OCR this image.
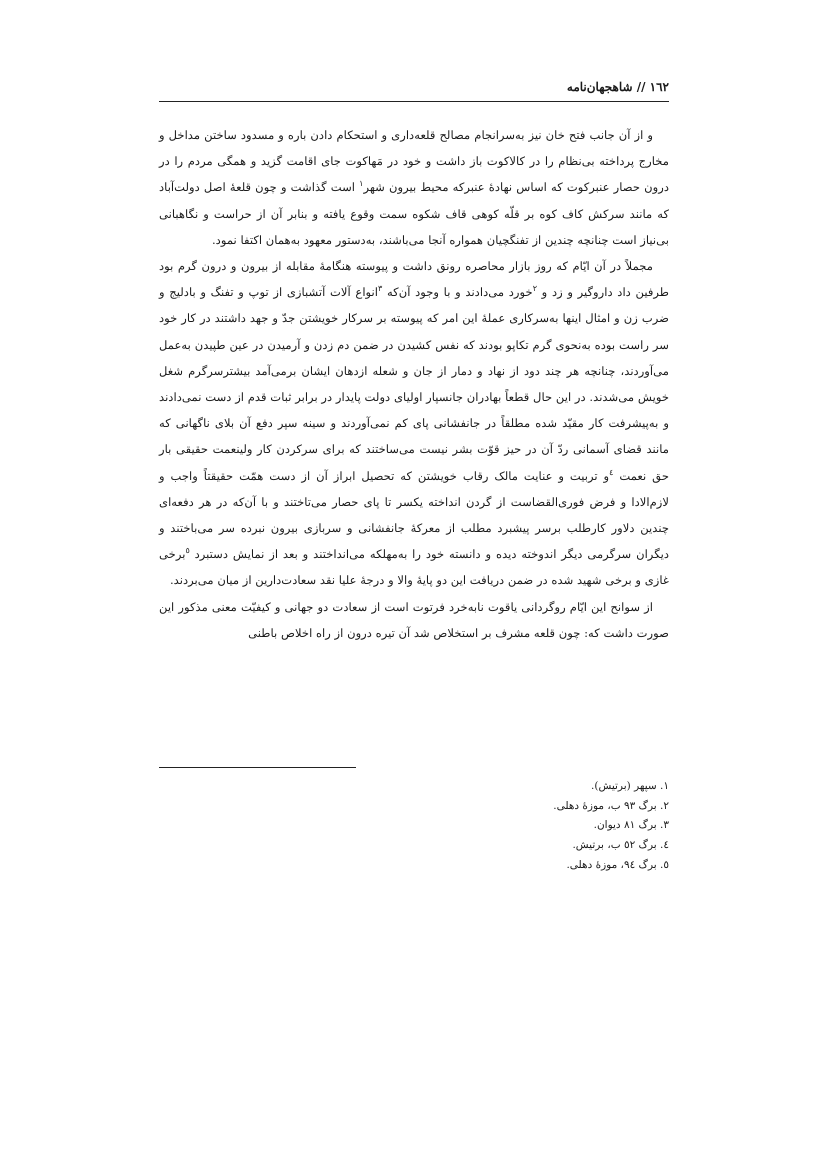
١٦٢ // شاهجهان‌نامه

و از آن جانب فتح خان نیز به‌سرانجام مصالح قلعه‌داری و استحکام دادن باره و مسدود ساختن مداخل و مخارج پرداخته بی‌نظام را در کالاکوت باز داشت و خود در مَهاکوت جای اقامت گزید و همگی مردم را در درون حصار عنبرکوت که اساس نهادهٔ عنبرکه محیط بیرون شهر$^١$ است گذاشت و چون قلعهٔ اصل دولت‌آباد که مانند سرکش کاف کوه بر قلّه کوهی قاف شکوه سمت وقوع یافته و بنابر آن از حراست و نگاهبانی بی‌نیاز است چنانچه چندین از تفنگچیان همواره آنجا می‌باشند، به‌دستور معهود به‌همان اکتفا نمود.

مجملاً در آن ایّام که روز بازار محاصره رونق داشت و پیوسته هنگامهٔ مقابله از بیرون و درون گرم بود طرفین داد داروگیر و زد و $^٢$خورد می‌دادند و با وجود آن‌که $^٣$انواع آلات آتشبازی از توپ و تفنگ و بادلیج و ضرب زن و امثال اینها به‌سرکاری عملهٔ این امر که پیوسته بر سرکار خویشتن جدّ و جهد داشتند در کار خود سر راست بوده به‌نحوی گرم تکاپو بودند که نفس کشیدن در ضمن دم زدن و آرمیدن در عین طپیدن به‌عمل می‌آوردند، چنانچه هر چند دود از نهاد و دمار از جان و شعله ازدهان ایشان برمی‌آمد بیشترسرگرم شغل خویش می‌شدند. در این حال قطعاً بهادران جانسپار اولیای دولت پایدار در برابر ثبات قدم از دست نمی‌دادند و به‌پیشرفت کار مقیّد شده مطلقاً در جانفشانی پای کم نمی‌آوردند و سینه سپر دفع آن بلای ناگهانی که مانند قضای آسمانی ردّ آن در حیز قوّت بشر نیست می‌ساختند که برای سرکردن کار ولینعمت حقیقی بار حق نعمت $^٤$و تربیت و عنایت مالک رقاب خویشتن که تحصیل ابراز آن از دست همّت حقیقتاً واجب و لازم‌الادا و فرض فوری‌القضاست از گردن انداخته یکسر تا پای حصار می‌تاختند و با آن‌که در هر دفعه‌ای چندین دلاور کارطلب برسر پیشبرد مطلب از معرکهٔ جانفشانی و سربازی بیرون نبرده سر می‌باختند و دیگران سرگرمی دیگر اندوخته دیده و دانسته خود را به‌مهلکه می‌انداختند و بعد از نمایش دستبرد $^٥$برخی غازی و برخی شهید شده در ضمن دریافت این دو پایهٔ والا و درجهٔ علیا نقد سعادت‌دارین از میان می‌بردند.

از سوانح این ایّام روگردانی یاقوت نابه‌خرد فرتوت است از سعادت دو جهانی و کیفیّت معنی مذکور این صورت داشت که: چون قلعه مشرف بر استخلاص شد آن تیره درون از راه اخلاص باطنی

١. سپهر (برتیش).
٢. برگ ٩٣ ب، موزهٔ دهلی.
٣. برگ ٨١ دیوان.
٤. برگ ٥٢ ب، برتیش.
٥. برگ ٩٤، موزهٔ دهلی.
